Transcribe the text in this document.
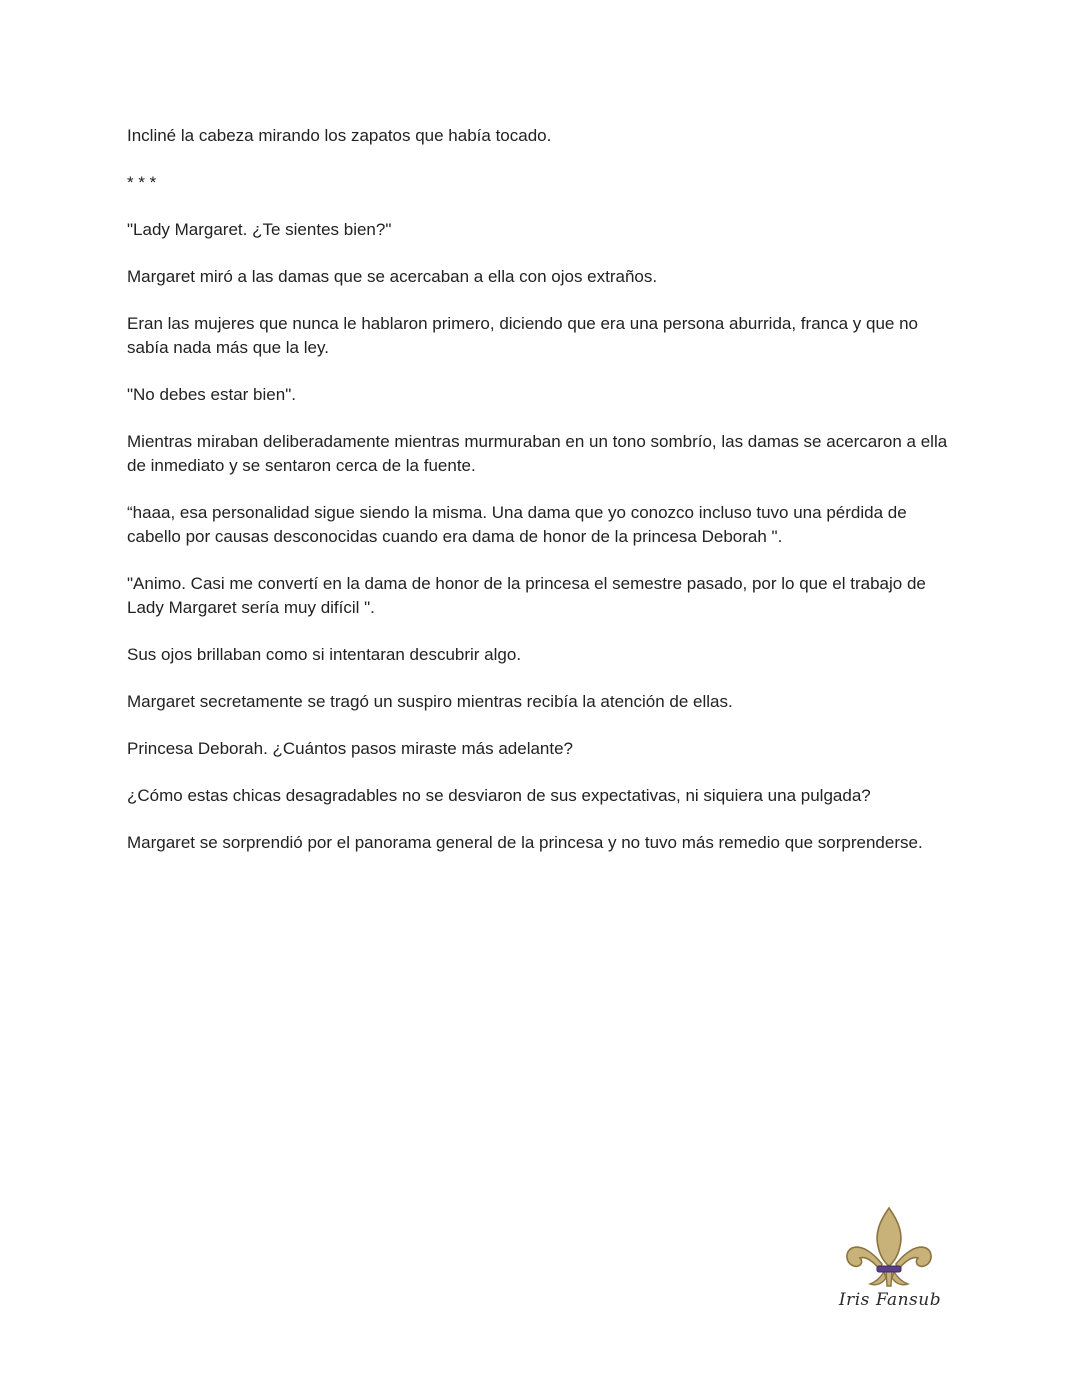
Incliné la cabeza mirando los zapatos que había tocado.

* * *

"Lady Margaret. ¿Te sientes bien?"

Margaret miró a las damas que se acercaban a ella con ojos extraños.

Eran las mujeres que nunca le hablaron primero, diciendo que era una persona aburrida, franca y que no sabía nada más que la ley.

"No debes estar bien".

Mientras miraban deliberadamente mientras murmuraban en un tono sombrío, las damas se acercaron a ella de inmediato y se sentaron cerca de la fuente.

“haaa, esa personalidad sigue siendo la misma. Una dama que yo conozco incluso tuvo una pérdida de cabello por causas desconocidas cuando era dama de honor de la princesa Deborah ".

"Animo. Casi me convertí en la dama de honor de la princesa el semestre pasado, por lo que el trabajo de Lady Margaret sería muy difícil ".

Sus ojos brillaban como si intentaran descubrir algo.

Margaret secretamente se tragó un suspiro mientras recibía la atención de ellas.

Princesa Deborah. ¿Cuántos pasos miraste más adelante?

¿Cómo estas chicas desagradables no se desviaron de sus expectativas, ni siquiera una pulgada?

Margaret se sorprendió por el panorama general de la princesa y no tuvo más remedio que sorprenderse.

Iris Fansub
